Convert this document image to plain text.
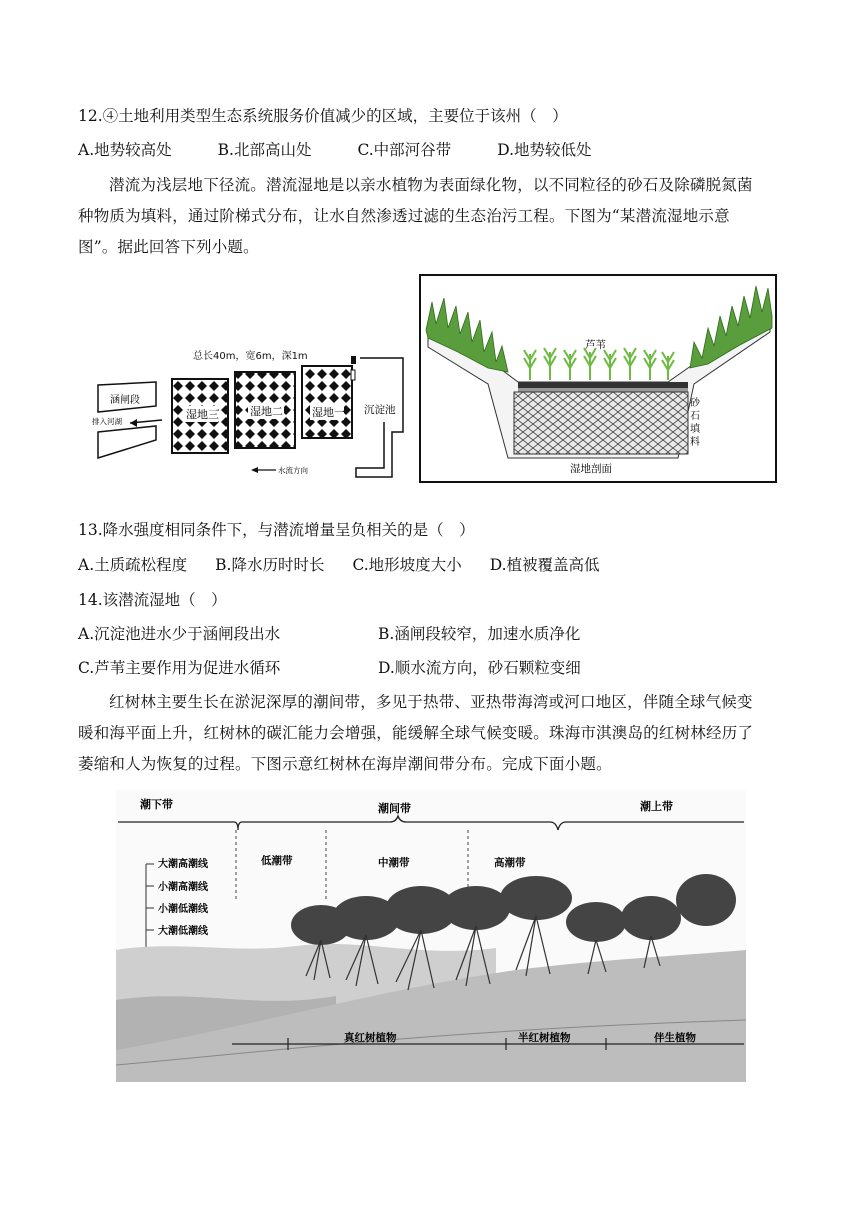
12.④土地利用类型生态系统服务价值减少的区域，主要位于该州（　）
A.地势较高处	B.北部高山处	C.中部河谷带	D.地势较低处
潜流为浅层地下径流。潜流湿地是以亲水植物为表面绿化物，以不同粒径的砂石及除磷脱氮菌种物质为填料，通过阶梯式分布，让水自然渗透过滤的生态治污工程。下图为“某潜流湿地示意图”。据此回答下列小题。
总长40m，宽6m，深1m
涵闸段
排入河湖
湿地三	湿地二	湿地一 沉淀池
水流方向
芦苇
砂
石
填
料
湿地剖面
13.降水强度相同条件下，与潜流增量呈负相关的是（　）
A.土质疏松程度 B.降水历时时长 C.地形坡度大小 D.植被覆盖高低
14.该潜流湿地（　）
A.沉淀池进水少于涵闸段出水	B.涵闸段较窄，加速水质净化
C.芦苇主要作用为促进水循环	D.顺水流方向，砂石颗粒变细
红树林主要生长在淤泥深厚的潮间带，多见于热带、亚热带海湾或河口地区，伴随全球气候变暖和海平面上升，红树林的碳汇能力会增强，能缓解全球气候变暖。珠海市淇澳岛的红树林经历了萎缩和人为恢复的过程。下图示意红树林在海岸潮间带分布。完成下面小题。
潮下带	潮间带	潮上带
低潮带	中潮带	高潮带
大潮高潮线
小潮高潮线
小潮低潮线
大潮低潮线
真红树植物	半红树植物	伴生植物
